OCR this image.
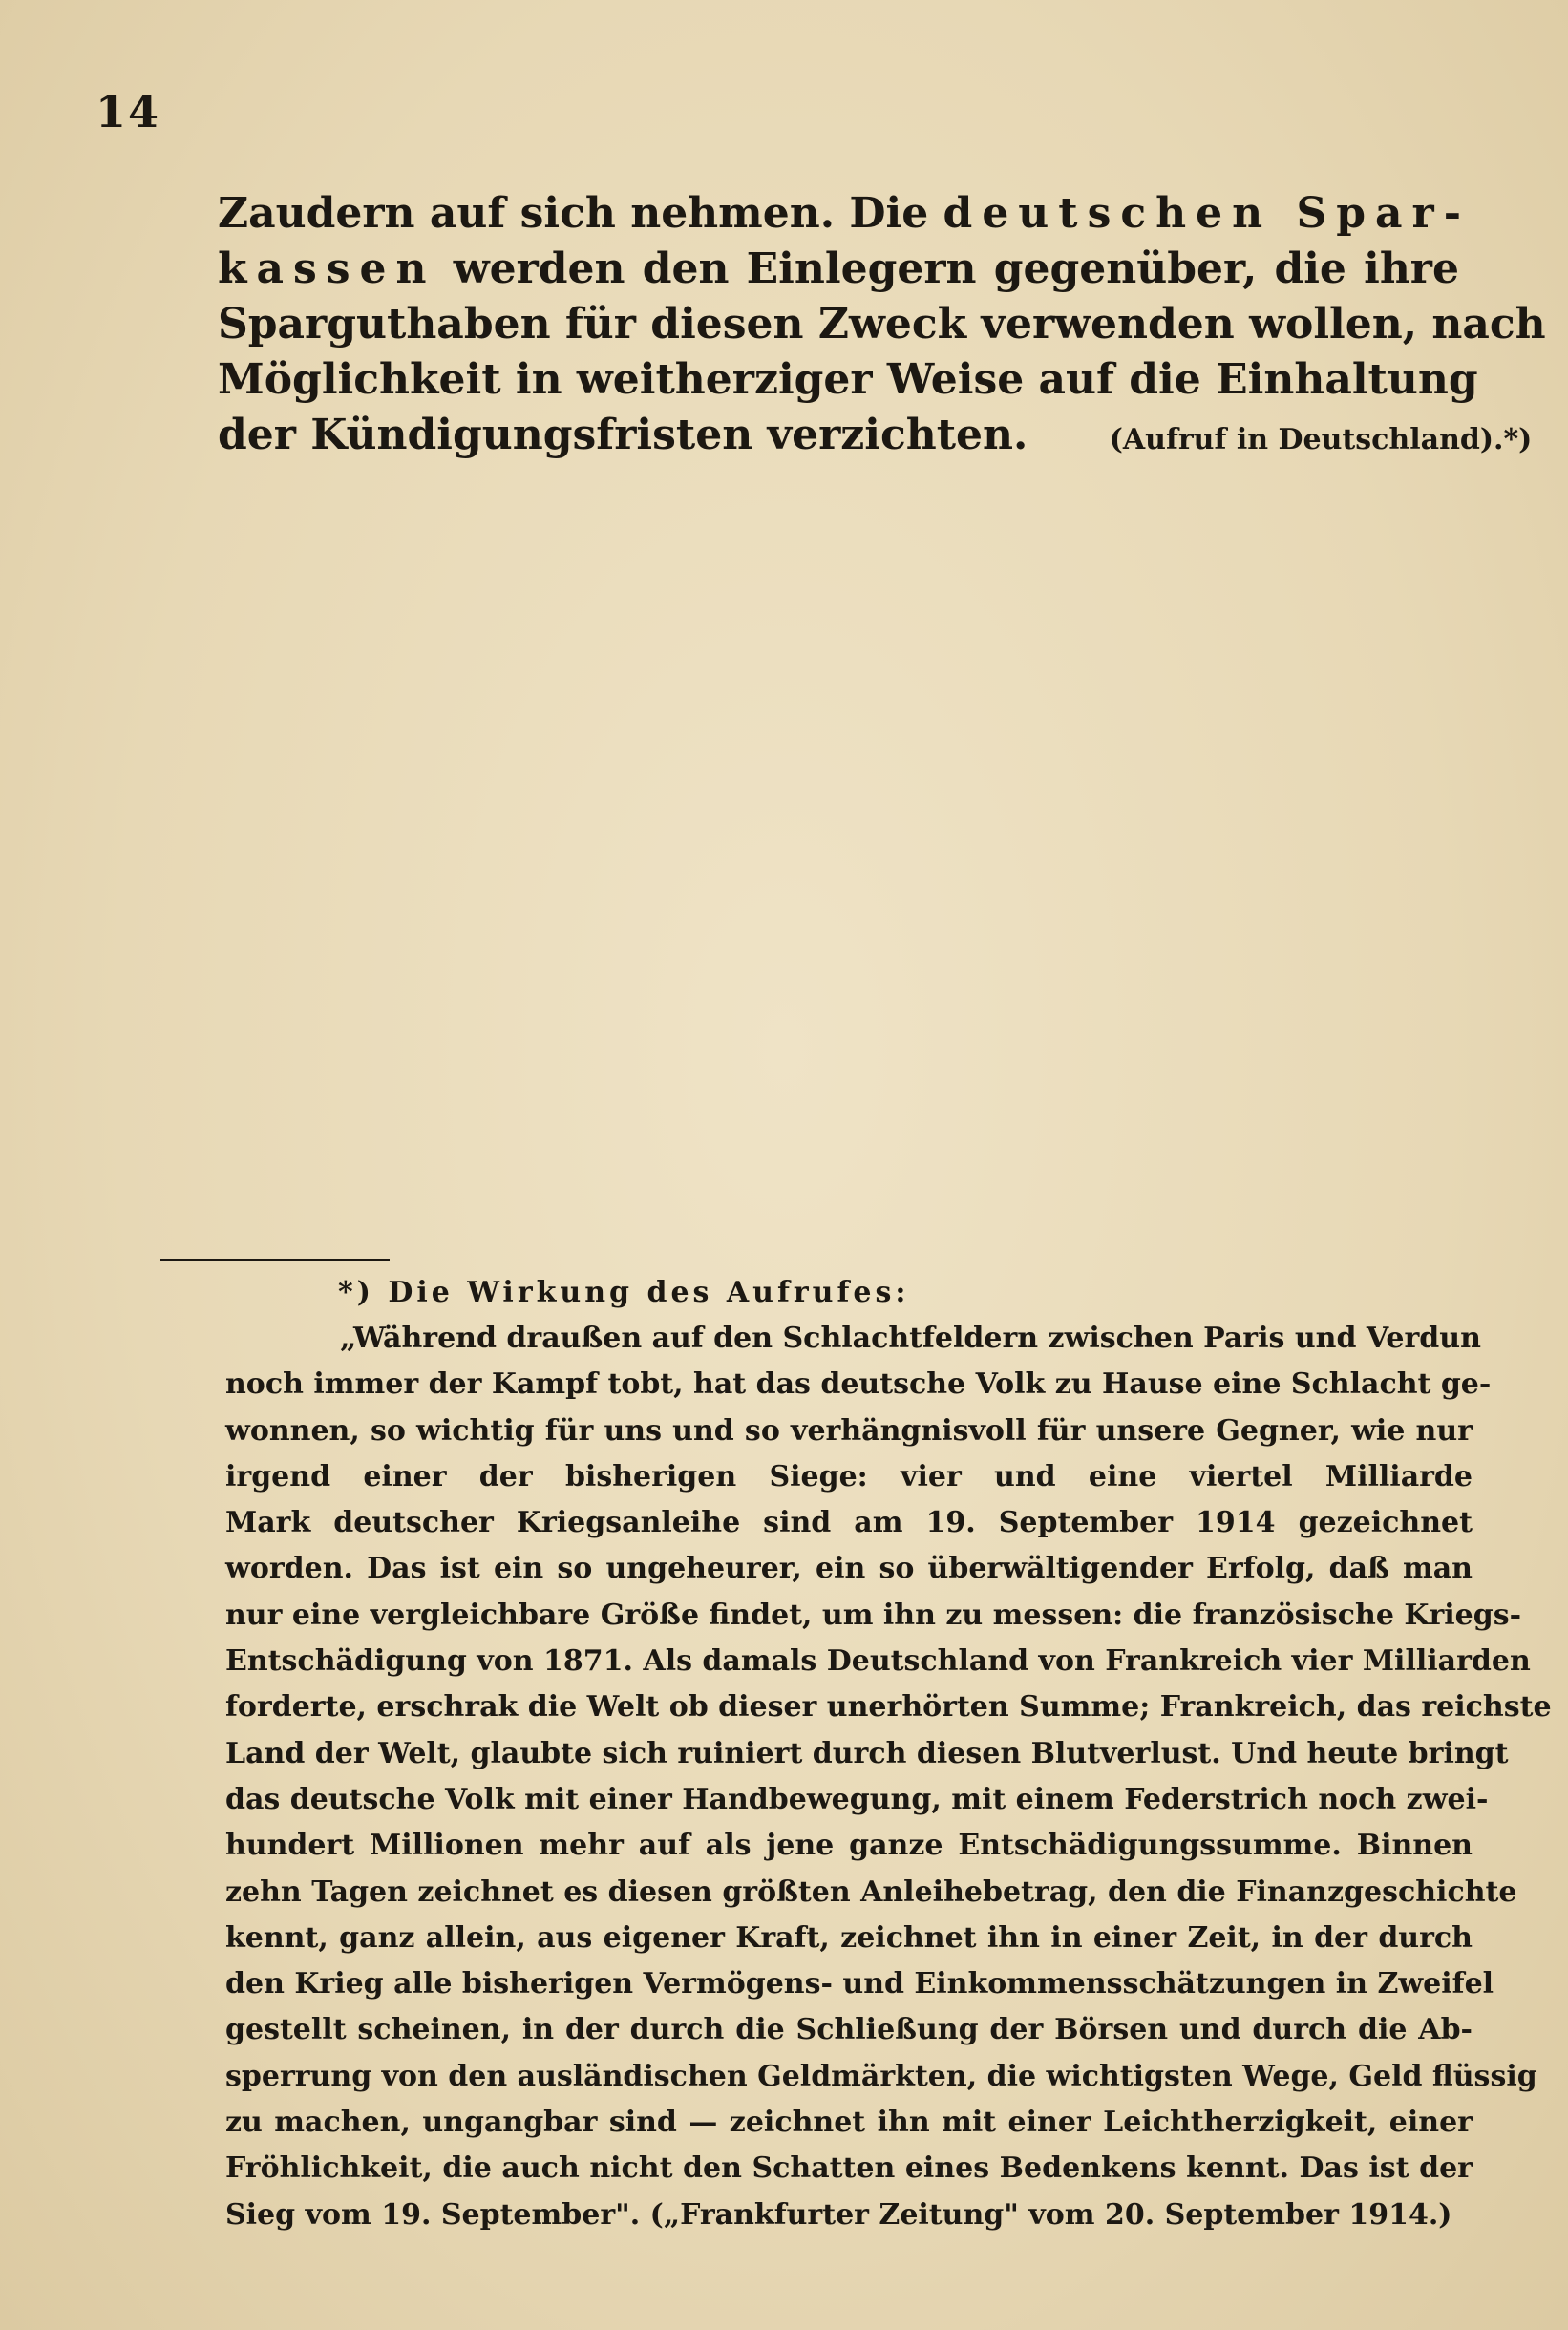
14
Zaudern auf sich nehmen. Die deutschen Spar-
kassen werden den Einlegern gegenüber, die ihre
Sparguthaben für diesen Zweck verwenden wollen, nach
Möglichkeit in weitherziger Weise auf die Einhaltung
der Kündigungsfristen verzichten.	(Aufruf in Deutschland).*)
*) Die Wirkung des Aufrufes:
„Während draußen auf den Schlachtfeldern zwischen Paris und Verdun
noch immer der Kampf tobt, hat das deutsche Volk zu Hause eine Schlacht ge-
wonnen, so wichtig für uns und so verhängnisvoll für unsere Gegner, wie nur
irgend einer der bisherigen Siege: vier und eine viertel Milliarde
Mark deutscher Kriegsanleihe sind am 19. September 1914 gezeichnet
worden. Das ist ein so ungeheurer, ein so überwältigender Erfolg, daß man
nur eine vergleichbare Größe findet, um ihn zu messen: die französische Kriegs-
Entschädigung von 1871. Als damals Deutschland von Frankreich vier Milliarden
forderte, erschrak die Welt ob dieser unerhörten Summe; Frankreich, das reichste
Land der Welt, glaubte sich ruiniert durch diesen Blutverlust. Und heute bringt
das deutsche Volk mit einer Handbewegung, mit einem Federstrich noch zwei-
hundert Millionen mehr auf als jene ganze Entschädigungssumme. Binnen
zehn Tagen zeichnet es diesen größten Anleihebetrag, den die Finanzgeschichte
kennt, ganz allein, aus eigener Kraft, zeichnet ihn in einer Zeit, in der durch
den Krieg alle bisherigen Vermögens- und Einkommensschätzungen in Zweifel
gestellt scheinen, in der durch die Schließung der Börsen und durch die Ab-
sperrung von den ausländischen Geldmärkten, die wichtigsten Wege, Geld flüssig
zu machen, ungangbar sind — zeichnet ihn mit einer Leichtherzigkeit, einer
Fröhlichkeit, die auch nicht den Schatten eines Bedenkens kennt. Das ist der
Sieg vom 19. September". („Frankfurter Zeitung" vom 20. September 1914.)
